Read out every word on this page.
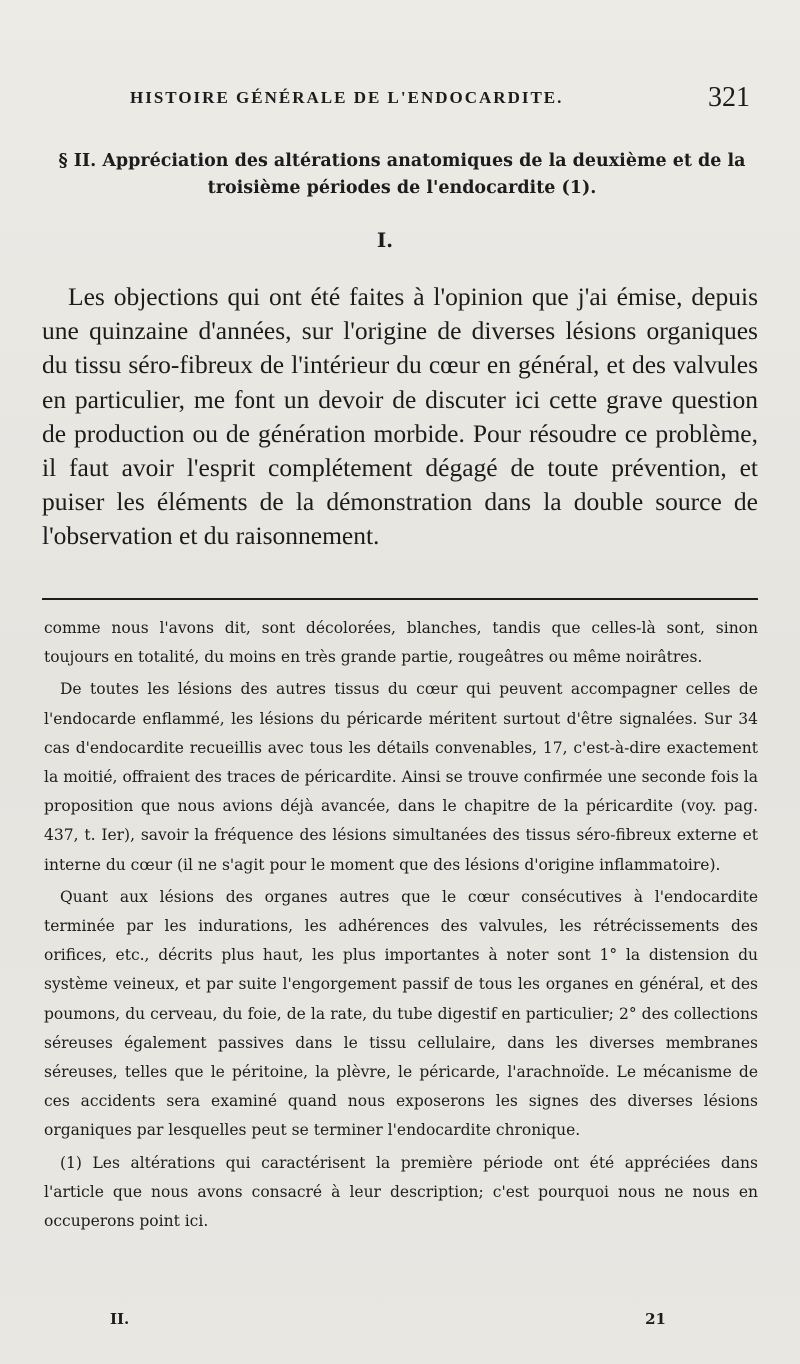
HISTOIRE GÉNÉRALE DE L'ENDOCARDITE.	321
§ II. Appréciation des altérations anatomiques de la deuxième et de la
troisième périodes de l'endocardite (1).
I.

Les objections qui ont été faites à l'opinion que j'ai émise, depuis une quinzaine d'années, sur l'origine de diverses lésions organiques du tissu séro-fibreux de l'intérieur du cœur en général, et des valvules en particulier, me font un devoir de discuter ici cette grave question de production ou de génération morbide. Pour résoudre ce problème, il faut avoir l'esprit complétement dégagé de toute prévention, et puiser les éléments de la démonstration dans la double source de l'observation et du raisonnement.

comme nous l'avons dit, sont décolorées, blanches, tandis que celles-là sont, sinon toujours en totalité, du moins en très grande partie, rougeâtres ou même noirâtres.

De toutes les lésions des autres tissus du cœur qui peuvent accompagner celles de l'endocarde enflammé, les lésions du péricarde méritent surtout d'être signalées. Sur 34 cas d'endocardite recueillis avec tous les détails convenables, 17, c'est-à-dire exactement la moitié, offraient des traces de péricardite. Ainsi se trouve confirmée une seconde fois la proposition que nous avions déjà avancée, dans le chapitre de la péricardite (voy. pag. 437, t. Ier), savoir la fréquence des lésions simultanées des tissus séro-fibreux externe et interne du cœur (il ne s'agit pour le moment que des lésions d'origine inflammatoire).

Quant aux lésions des organes autres que le cœur consécutives à l'endocardite terminée par les indurations, les adhérences des valvules, les rétrécissements des orifices, etc., décrits plus haut, les plus importantes à noter sont 1° la distension du système veineux, et par suite l'engorgement passif de tous les organes en général, et des poumons, du cerveau, du foie, de la rate, du tube digestif en particulier; 2° des collections séreuses également passives dans le tissu cellulaire, dans les diverses membranes séreuses, telles que le péritoine, la plèvre, le péricarde, l'arachnoïde. Le mécanisme de ces accidents sera examiné quand nous exposerons les signes des diverses lésions organiques par lesquelles peut se terminer l'endocardite chronique.

(1) Les altérations qui caractérisent la première période ont été appréciées dans l'article que nous avons consacré à leur description; c'est pourquoi nous ne nous en occuperons point ici.

II.	21
